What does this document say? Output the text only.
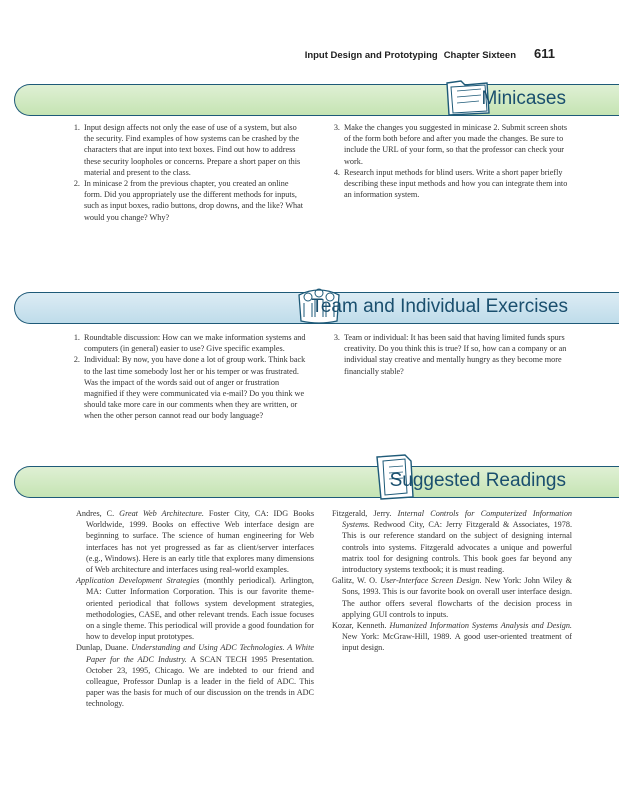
Input Design and Prototyping Chapter Sixteen 611
Minicases
1. Input design affects not only the ease of use of a system, but also the security. Find examples of how systems can be crashed by the characters that are input into text boxes. Find out how to address these security loopholes or concerns. Prepare a short paper on this material and present to the class.
2. In minicase 2 from the previous chapter, you created an online form. Did you appropriately use the different methods for inputs, such as input boxes, radio buttons, drop downs, and the like? What would you change? Why?
3. Make the changes you suggested in minicase 2. Submit screen shots of the form both before and after you made the changes. Be sure to include the URL of your form, so that the professor can check your work.
4. Research input methods for blind users. Write a short paper briefly describing these input methods and how you can integrate them into an information system.
Team and Individual Exercises
1. Roundtable discussion: How can we make information systems and computers (in general) easier to use? Give specific examples.
2. Individual: By now, you have done a lot of group work. Think back to the last time somebody lost her or his temper or was frustrated. Was the impact of the words said out of anger or frustration magnified if they were communicated via e-mail? Do you think we should take more care in our comments when they are written, or when the other person cannot read our body language?

3. Team or individual: It has been said that having limited funds spurs creativity. Do you think this is true? If so, how can a company or an individual stay creative and mentally hungry as they become more financially stable?
Suggested Readings

Andres, C. Great Web Architecture. Foster City, CA: IDG Books Worldwide, 1999. Books on effective Web interface design are beginning to surface. The science of human engineering for Web interfaces has not yet progressed as far as client/server interfaces (e.g., Windows). Here is an early title that explores many dimensions of Web architecture and interfaces using real-world examples.

Application Development Strategies (monthly periodical). Arlington, MA: Cutter Information Corporation. This is our favorite theme-oriented periodical that follows system development strategies, methodologies, CASE, and other relevant trends. Each issue focuses on a single theme. This periodical will provide a good foundation for how to develop input prototypes.

Dunlap, Duane. Understanding and Using ADC Technologies. A White Paper for the ADC Industry. A SCAN TECH 1995 Presentation. October 23, 1995, Chicago. We are indebted to our friend and colleague, Professor Dunlap is a leader in the field of ADC. This paper was the basis for much of our discussion on the trends in ADC technology.

Fitzgerald, Jerry. Internal Controls for Computerized Information Systems. Redwood City, CA: Jerry Fitzgerald & Associates, 1978. This is our reference standard on the subject of designing internal controls into systems. Fitzgerald advocates a unique and powerful matrix tool for designing controls. This book goes far beyond any introductory systems textbook; it is must reading.

Galitz, W. O. User-Interface Screen Design. New York: John Wiley & Sons, 1993. This is our favorite book on overall user interface design. The author offers several flowcharts of the decision process in applying GUI controls to inputs.

Kozar, Kenneth. Humanized Information Systems Analysis and Design. New York: McGraw-Hill, 1989. A good user-oriented treatment of input design.
